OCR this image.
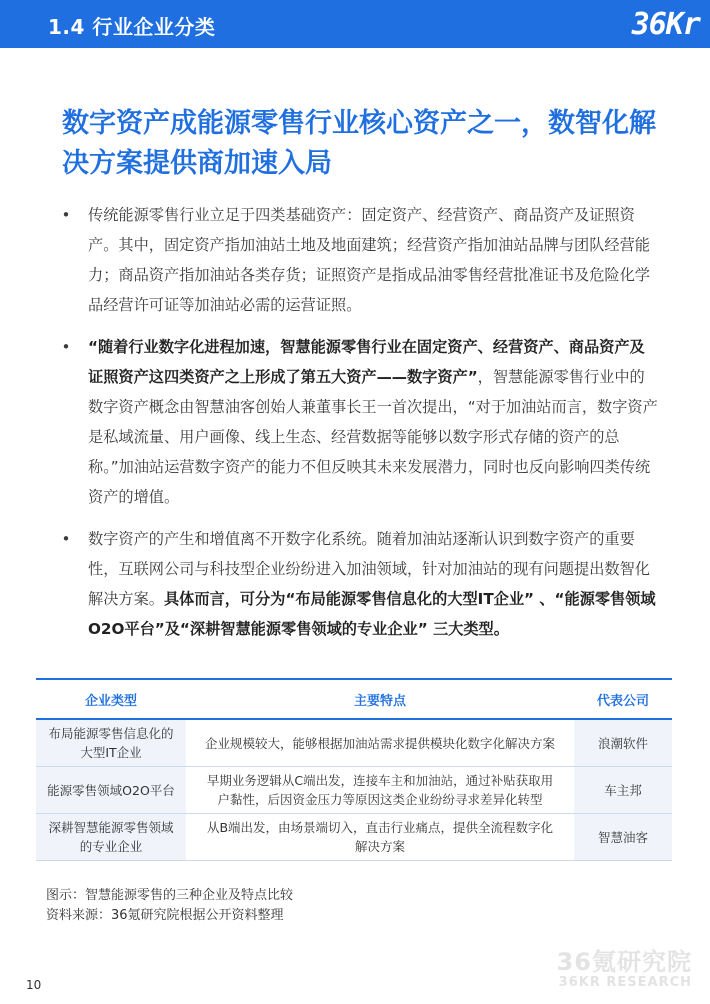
1.4 行业企业分类	36Kr
数字资产成能源零售行业核心资产之一，数智化解决方案提供商加速入局
• 传统能源零售行业立足于四类基础资产：固定资产、经营资产、商品资产及证照资产。其中，固定资产指加油站土地及地面建筑；经营资产指加油站品牌与团队经营能力；商品资产指加油站各类存货；证照资产是指成品油零售经营批准证书及危险化学品经营许可证等加油站必需的运营证照。
• “随着行业数字化进程加速，智慧能源零售行业在固定资产、经营资产、商品资产及证照资产这四类资产之上形成了第五大资产——数字资产”，智慧能源零售行业中的数字资产概念由智慧油客创始人兼董事长王一首次提出，“对于加油站而言，数字资产是私域流量、用户画像、线上生态、经营数据等能够以数字形式存储的资产的总称。”加油站运营数字资产的能力不但反映其未来发展潜力，同时也反向影响四类传统资产的增值。
• 数字资产的产生和增值离不开数字化系统。随着加油站逐渐认识到数字资产的重要性，互联网公司与科技型企业纷纷进入加油领域，针对加油站的现有问题提出数智化解决方案。具体而言，可分为“布局能源零售信息化的大型IT企业” 、“能源零售领域O2O平台”及“深耕智慧能源零售领域的专业企业” 三大类型。
企业类型	主要特点	代表公司
布局能源零售信息化的大型IT企业	企业规模较大，能够根据加油站需求提供模块化数字化解决方案	浪潮软件
能源零售领域O2O平台	早期业务逻辑从C端出发，连接车主和加油站，通过补贴获取用户黏性，后因资金压力等原因这类企业纷纷寻求差异化转型	车主邦
深耕智慧能源零售领域的专业企业	从B端出发，由场景端切入，直击行业痛点，提供全流程数字化解决方案	智慧油客
图示：智慧能源零售的三种企业及特点比较
资料来源：36氪研究院根据公开资料整理
36氪研究院
36KR RESEARCH
10
